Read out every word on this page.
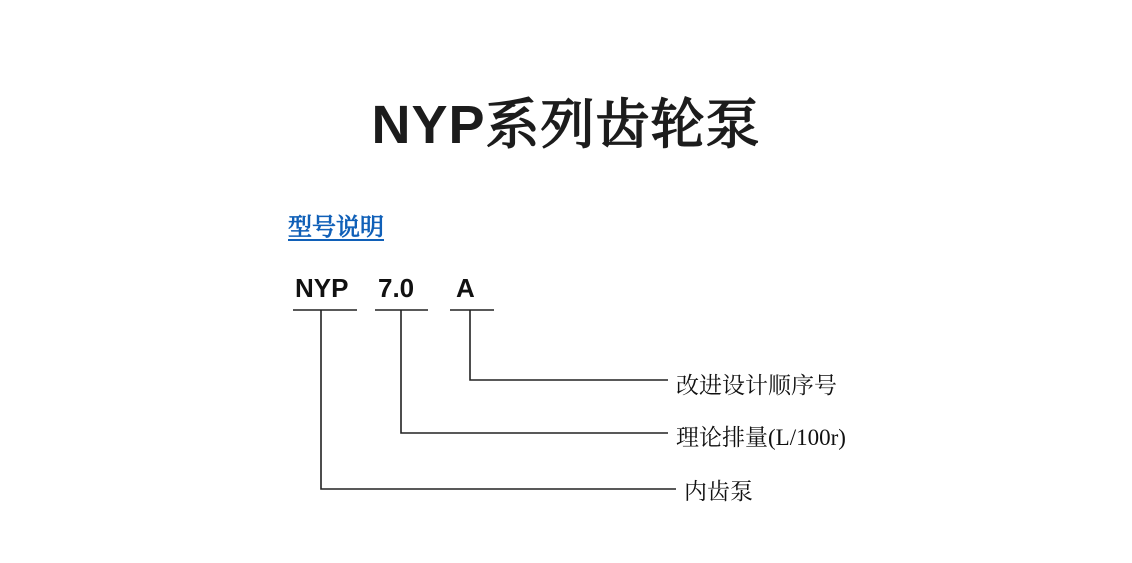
NYP系列齿轮泵
型号说明
NYP 7.0 A
改进设计顺序号
理论排量(L/100r)
内齿泵
